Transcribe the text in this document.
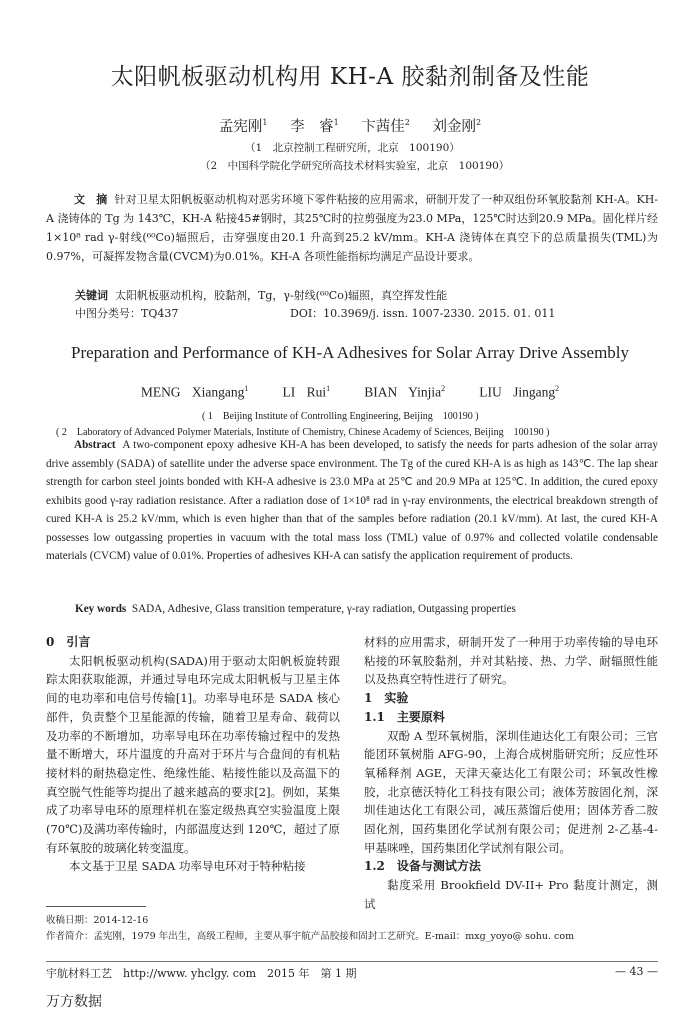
太阳帆板驱动机构用 KH-A 胶黏剂制备及性能
孟宪刚$^1$ 李　睿$^1$ 卞茜佳$^2$ 刘金刚$^2$
（1　北京控制工程研究所，北京　100190）
（2　中国科学院化学研究所高技术材料实验室，北京　100190）
文　摘 针对卫星太阳帆板驱动机构对恶劣环境下零件粘接的应用需求，研制开发了一种双组份环氧胶黏剂 KH-A。KH-A 浇铸体的 Tg 为 143℃，KH-A 粘接45#钢时，其25℃时的拉剪强度为23.0 MPa，125℃时达到20.9 MPa。固化样片经1×10⁸ rad γ-射线(⁶⁰Co)辐照后，击穿强度由20.1 升高到25.2 kV/mm。KH-A 浇铸体在真空下的总质量损失(TML)为0.97%，可凝挥发物含量(CVCM)为0.01%。KH-A 各项性能指标均满足产品设计要求。
关键词 太阳帆板驱动机构，胶黏剂，Tg，γ-射线(⁶⁰Co)辐照，真空挥发性能
中图分类号：TQ437	DOI：10.3969/j. issn. 1007-2330. 2015. 01. 011
Preparation and Performance of KH-A Adhesives for Solar Array Drive Assembly
MENG Xiangang$^1$	LI Rui$^1$	BIAN Yinjia$^2$	LIU Jingang$^2$
( 1　Beijing Institute of Controlling Engineering, Beijing　100190 )
( 2　Laboratory of Advanced Polymer Materials, Institute of Chemistry, Chinese Academy of Sciences, Beijing　100190 )
Abstract A two-component epoxy adhesive KH-A has been developed, to satisfy the needs for parts adhesion of the solar array drive assembly (SADA) of satellite under the adverse space environment. The Tg of the cured KH-A is as high as 143℃. The lap shear strength for carbon steel joints bonded with KH-A adhesive is 23.0 MPa at 25℃ and 20.9 MPa at 125℃. In addition, the cured epoxy exhibits good γ-ray radiation resistance. After a radiation dose of 1×10⁸ rad in γ-ray environments, the electrical breakdown strength of cured KH-A is 25.2 kV/mm, which is even higher than that of the samples before radiation (20.1 kV/mm). At last, the cured KH-A possesses low outgassing properties in vacuum with the total mass loss (TML) value of 0.97% and collected volatile condensable materials (CVCM) value of 0.01%. Properties of adhesives KH-A can satisfy the application requirement of products.
Key words SADA, Adhesive, Glass transition temperature, γ-ray radiation, Outgassing properties
0　引言

太阳帆板驱动机构(SADA)用于驱动太阳帆板旋转跟踪太阳获取能源，并通过导电环完成太阳帆板与卫星主体间的电功率和电信号传输[1]。功率导电环是 SADA 核心部件，负责整个卫星能源的传输，随着卫星寿命、载荷以及功率的不断增加，功率导电环在功率传输过程中的发热量不断增大，环片温度的升高对于环片与合盘间的有机粘接材料的耐热稳定性、绝缘性能、粘接性能以及高温下的真空脱气性能等均提出了越来越高的要求[2]。例如，某集成了功率导电环的原理样机在鉴定级热真空实验温度上限(70℃)及满功率传输时，内部温度达到 120℃，超过了原有环氧胶的玻璃化转变温度。

本文基于卫星 SADA 功率导电环对于特种粘接

材料的应用需求，研制开发了一种用于功率传输的导电环粘接的环氧胶黏剂，并对其粘接、热、力学、耐辐照性能以及热真空特性进行了研究。

1　实验
1.1　主要原料

双酚 A 型环氧树脂，深圳佳迪达化工有限公司；三官能团环氧树脂 AFG-90，上海合成树脂研究所；反应性环氧稀释剂 AGE，天津天豪达化工有限公司；环氧改性橡胶，北京德沃特化工科技有限公司；液体芳胺固化剂，深圳佳迪达化工有限公司，减压蒸馏后使用；固体芳香二胺固化剂，国药集团化学试剂有限公司；促进剂 2-乙基-4-甲基咪唑，国药集团化学试剂有限公司。

1.2　设备与测试方法

黏度采用 Brookfield DV-II+ Pro 黏度计测定，测试

收稿日期：2014-12-16
作者简介：孟宪刚，1979 年出生，高级工程师，主要从事宇航产品胶接和固封工艺研究。E-mail：mxg_yoyo@ sohu. com
宇航材料工艺　http://www. yhclgy. com　2015 年　第 1 期	— 43 —
万方数据
